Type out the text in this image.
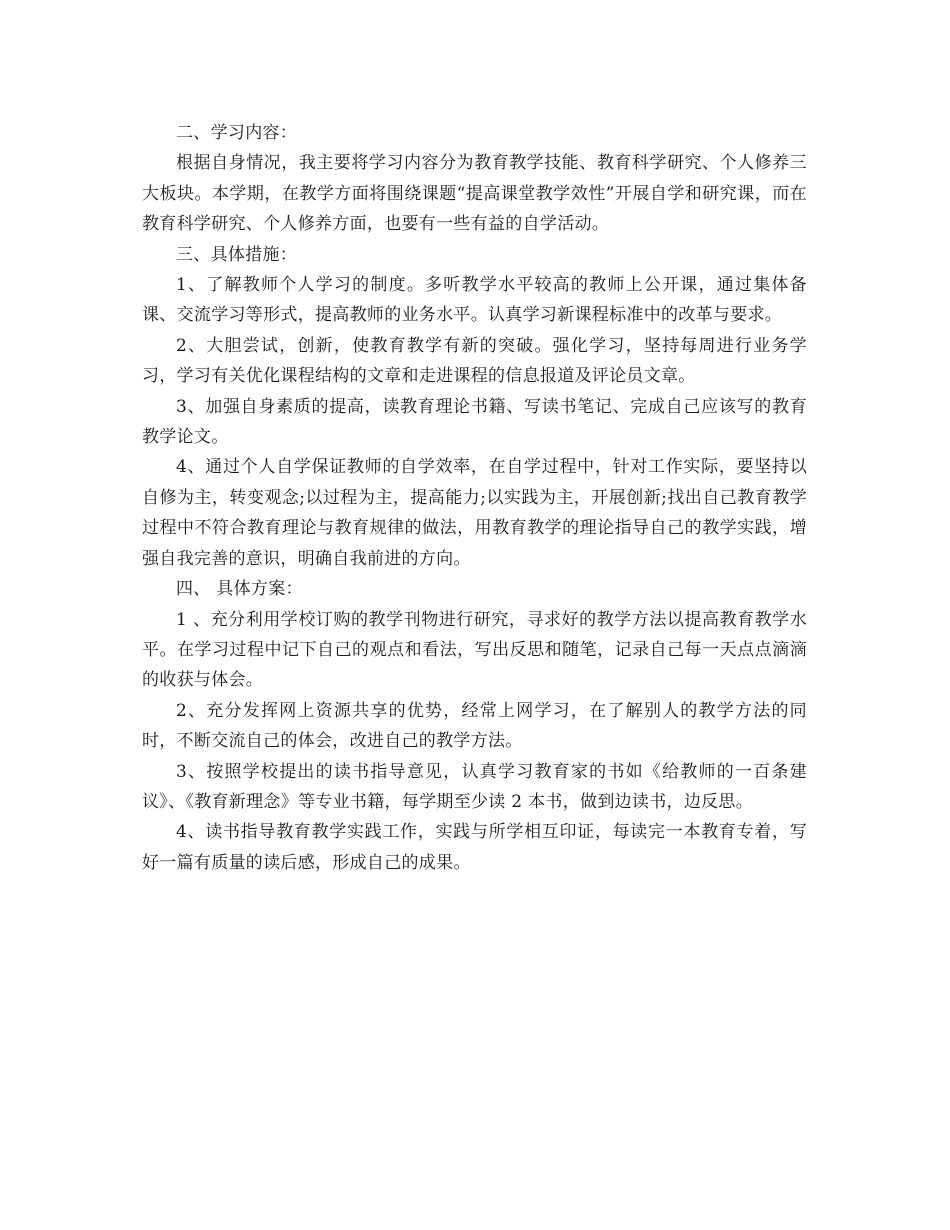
二、学习内容：

根据自身情况，我主要将学习内容分为教育教学技能、教育科学研究、个人修养三大板块。本学期，在教学方面将围绕课题“提高课堂教学效性”开展自学和研究课，而在教育科学研究、个人修养方面，也要有一些有益的自学活动。

三、具体措施：

1、了解教师个人学习的制度。多听教学水平较高的教师上公开课，通过集体备课、交流学习等形式，提高教师的业务水平。认真学习新课程标准中的改革与要求。

2、大胆尝试，创新，使教育教学有新的突破。强化学习，坚持每周进行业务学习，学习有关优化课程结构的文章和走进课程的信息报道及评论员文章。

3、加强自身素质的提高，读教育理论书籍、写读书笔记、完成自己应该写的教育教学论文。

4、通过个人自学保证教师的自学效率，在自学过程中，针对工作实际，要坚持以自修为主，转变观念;以过程为主，提高能力;以实践为主，开展创新;找出自己教育教学过程中不符合教育理论与教育规律的做法，用教育教学的理论指导自己的教学实践，增强自我完善的意识，明确自我前进的方向。

四、 具体方案：

1 、充分利用学校订购的教学刊物进行研究，寻求好的教学方法以提高教育教学水平。在学习过程中记下自己的观点和看法，写出反思和随笔，记录自己每一天点点滴滴的收获与体会。

2、充分发挥网上资源共享的优势，经常上网学习，在了解别人的教学方法的同时，不断交流自己的体会，改进自己的教学方法。

3、按照学校提出的读书指导意见，认真学习教育家的书如《给教师的一百条建议》、《教育新理念》等专业书籍，每学期至少读 2 本书，做到边读书，边反思。

4、读书指导教育教学实践工作，实践与所学相互印证，每读完一本教育专着，写好一篇有质量的读后感，形成自己的成果。
